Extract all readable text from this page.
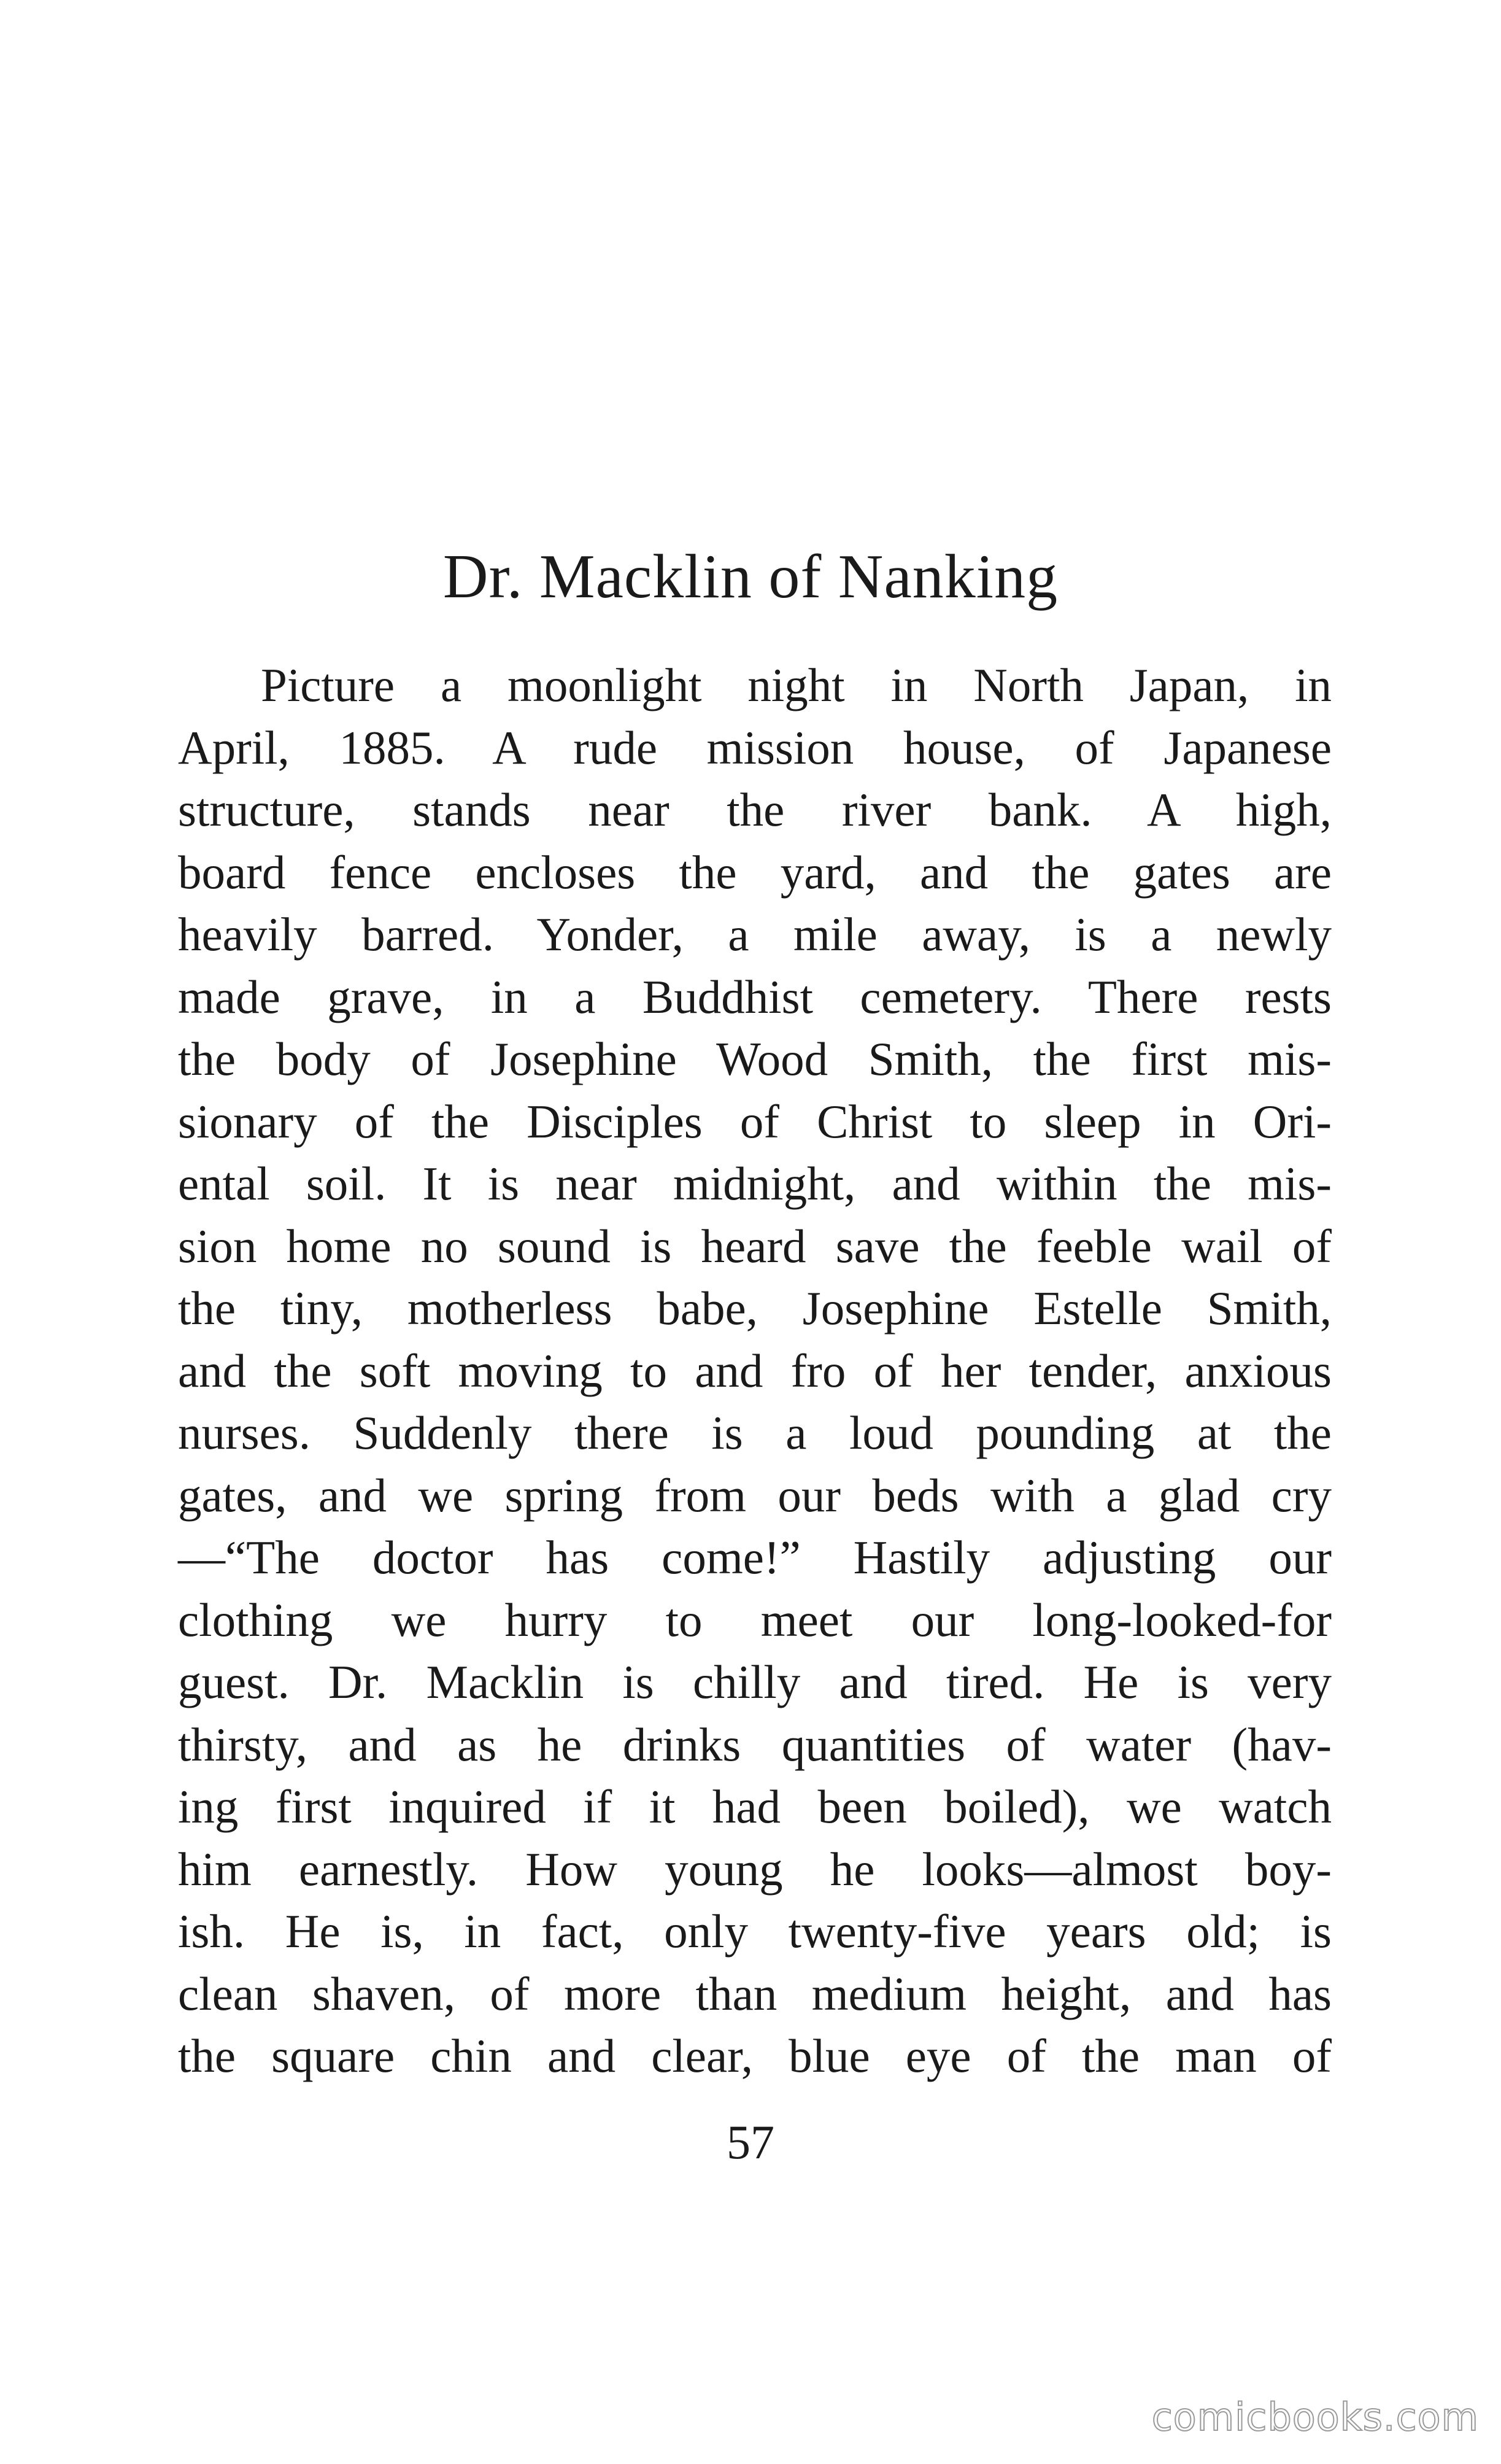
Dr. Macklin of Nanking
Picture a moonlight night in North Japan, in
April, 1885. A rude mission house, of Japanese
structure, stands near the river bank. A high,
board fence encloses the yard, and the gates are
heavily barred. Yonder, a mile away, is a newly
made grave, in a Buddhist cemetery. There rests
the body of Josephine Wood Smith, the first mis-
sionary of the Disciples of Christ to sleep in Ori-
ental soil. It is near midnight, and within the mis-
sion home no sound is heard save the feeble wail of
the tiny, motherless babe, Josephine Estelle Smith,
and the soft moving to and fro of her tender, anxious
nurses. Suddenly there is a loud pounding at the
gates, and we spring from our beds with a glad cry
—“The doctor has come!” Hastily adjusting our
clothing we hurry to meet our long-looked-for
guest. Dr. Macklin is chilly and tired. He is very
thirsty, and as he drinks quantities of water (hav-
ing first inquired if it had been boiled), we watch
him earnestly. How young he looks—almost boy-
ish. He is, in fact, only twenty-five years old; is
clean shaven, of more than medium height, and has
the square chin and clear, blue eye of the man of
57
comicbooks.com
